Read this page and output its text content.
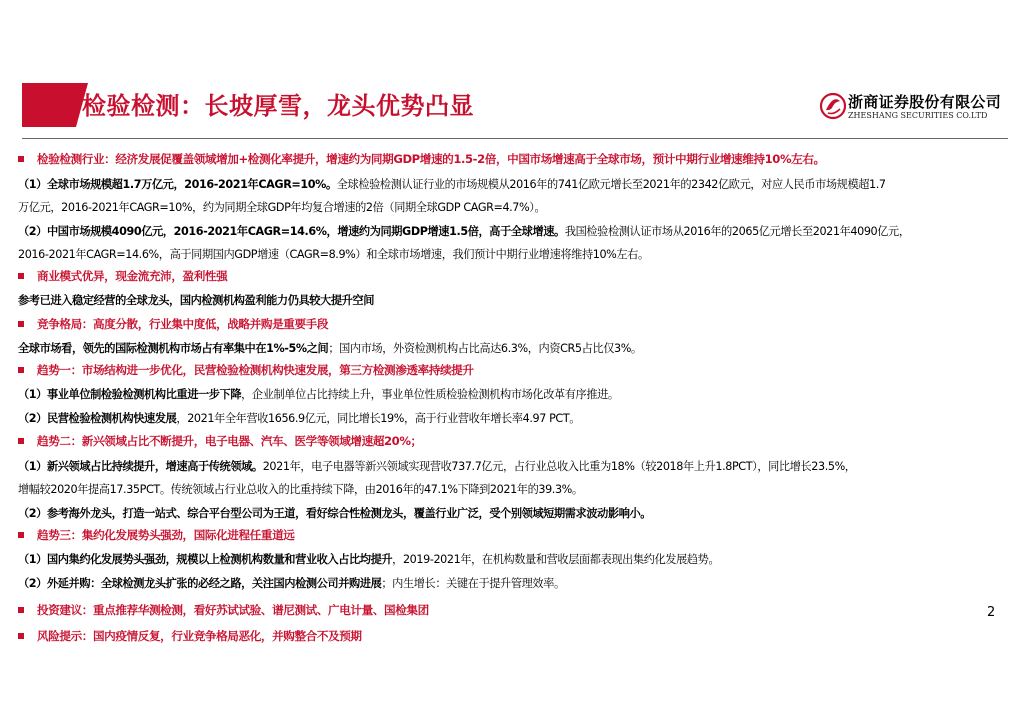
检验检测：长坡厚雪，龙头优势凸显	浙商证券股份有限公司
ZHESHANG SECURITIES CO.LTD
检验检测行业：经济发展促覆盖领域增加+检测化率提升，增速约为同期GDP增速的1.5-2倍，中国市场增速高于全球市场，预计中期行业增速维持10%左右。
（1）全球市场规模超1.7万亿元，2016-2021年CAGR=10%。全球检验检测认证行业的市场规模从2016年的741亿欧元增长至2021年的2342亿欧元，对应人民币市场规模超1.7
万亿元，2016-2021年CAGR=10%，约为同期全球GDP年均复合增速的2倍（同期全球GDP CAGR=4.7%）。
（2）中国市场规模4090亿元，2016-2021年CAGR=14.6%，增速约为同期GDP增速1.5倍，高于全球增速。我国检验检测认证市场从2016年的2065亿元增长至2021年4090亿元，
2016-2021年CAGR=14.6%，高于同期国内GDP增速（CAGR=8.9%）和全球市场增速，我们预计中期行业增速将维持10%左右。
商业模式优异，现金流充沛，盈利性强
参考已进入稳定经营的全球龙头，国内检测机构盈利能力仍具较大提升空间
竞争格局：高度分散，行业集中度低，战略并购是重要手段
全球市场看，领先的国际检测机构市场占有率集中在1%-5%之间；国内市场，外资检测机构占比高达6.3%，内资CR5占比仅3%。
趋势一：市场结构进一步优化，民营检验检测机构快速发展，第三方检测渗透率持续提升
（1）事业单位制检验检测机构比重进一步下降，企业制单位占比持续上升，事业单位性质检验检测机构市场化改革有序推进。
（2）民营检验检测机构快速发展，2021年全年营收1656.9亿元，同比增长19%，高于行业营收年增长率4.97 PCT。
趋势二：新兴领域占比不断提升，电子电器、汽车、医学等领域增速超20%；
（1）新兴领域占比持续提升，增速高于传统领域。2021年，电子电器等新兴领域实现营收737.7亿元，占行业总收入比重为18%（较2018年上升1.8PCT），同比增长23.5%，
增幅较2020年提高17.35PCT。传统领域占行业总收入的比重持续下降，由2016年的47.1%下降到2021年的39.3%。
（2）参考海外龙头，打造一站式、综合平台型公司为王道，看好综合性检测龙头，覆盖行业广泛，受个别领域短期需求波动影响小。
趋势三：集约化发展势头强劲，国际化进程任重道远
（1）国内集约化发展势头强劲，规模以上检测机构数量和营业收入占比均提升，2019-2021年，在机构数量和营收层面都表现出集约化发展趋势。
（2）外延并购：全球检测龙头扩张的必经之路，关注国内检测公司并购进展；内生增长：关键在于提升管理效率。
投资建议：重点推荐华测检测，看好苏试试验、谱尼测试、广电计量、国检集团
风险提示：国内疫情反复，行业竞争格局恶化，并购整合不及预期
2
